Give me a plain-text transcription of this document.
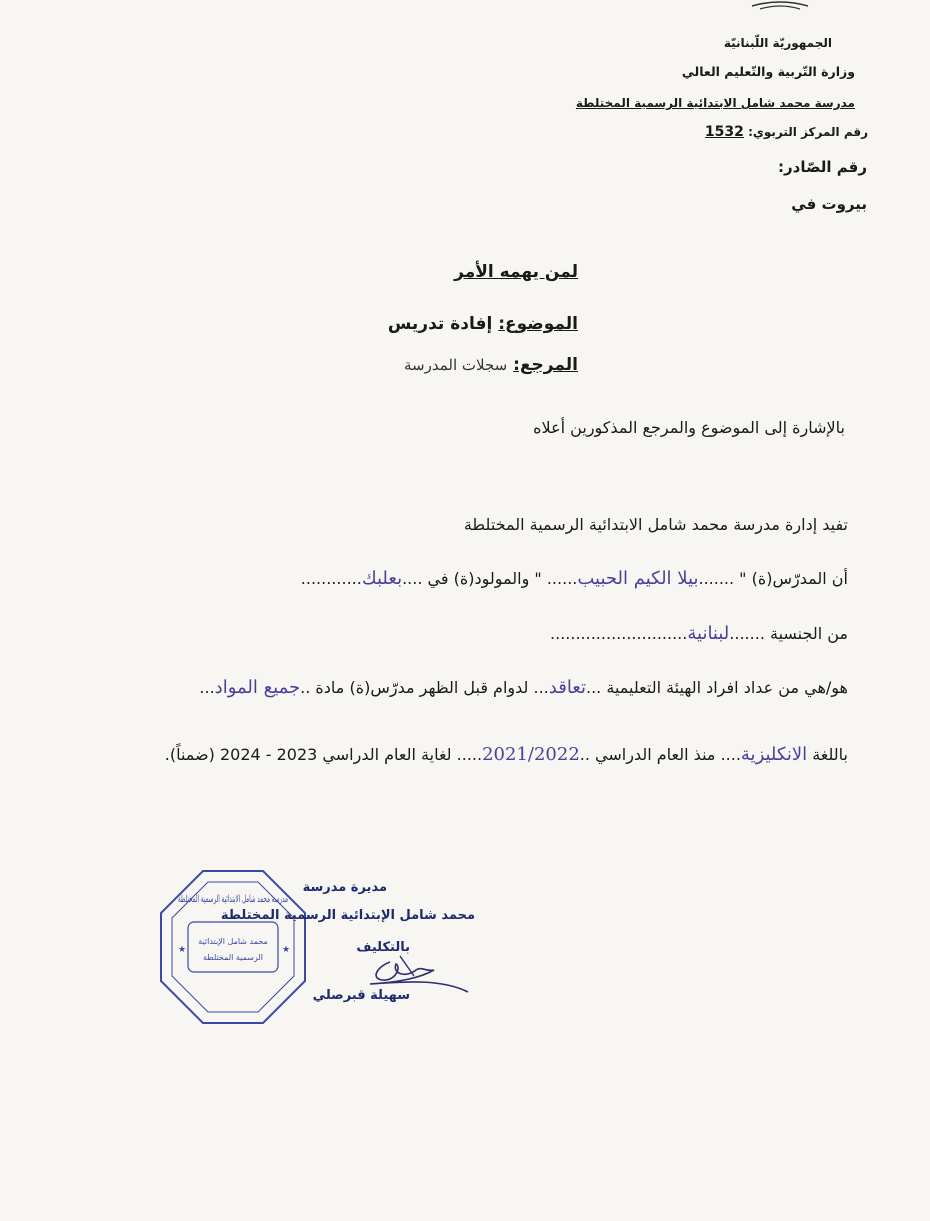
الجمهوريّة اللّبنانيّة
وزارة التّربية والتّعليم العالي
مدرسة محمد شامل الابتدائية الرسمية المختلطة
رقم المركز التربوي: 1532
رقم الصّادر:
بيروت في
لمن يهمه الأمر
الموضوع: إفادة تدريس
المرجع: سجلات المدرسة
بالإشارة إلى الموضوع والمرجع المذكورين أعلاه
تفيد إدارة مدرسة محمد شامل الابتدائية الرسمية المختلطة
أن المدرّس(ة) " .......بيلا الكيم الحبيب...... " والمولود(ة) في ....بعلبك............
من الجنسية .......لبنانية...........................
هو/هي من عداد افراد الهيئة التعليمية ...تعاقد... لدوام قبل الظهر مدرّس(ة) مادة ..جميع المواد...
باللغة الانكليزية.... منذ العام الدراسي ..2021/2022..... لغاية العام الدراسي 2023 - 2024 (ضمناً).
مدرسة محمد شامل الابتدائية الرسمية المختلطة
محمد شامل الإبتدائية
الرسمية المختلطة
★	★
مديرة مدرسة
محمد شامل الإبتدائية الرسمية المختلطة
بالتكليف
سهيلة قبرصلي
